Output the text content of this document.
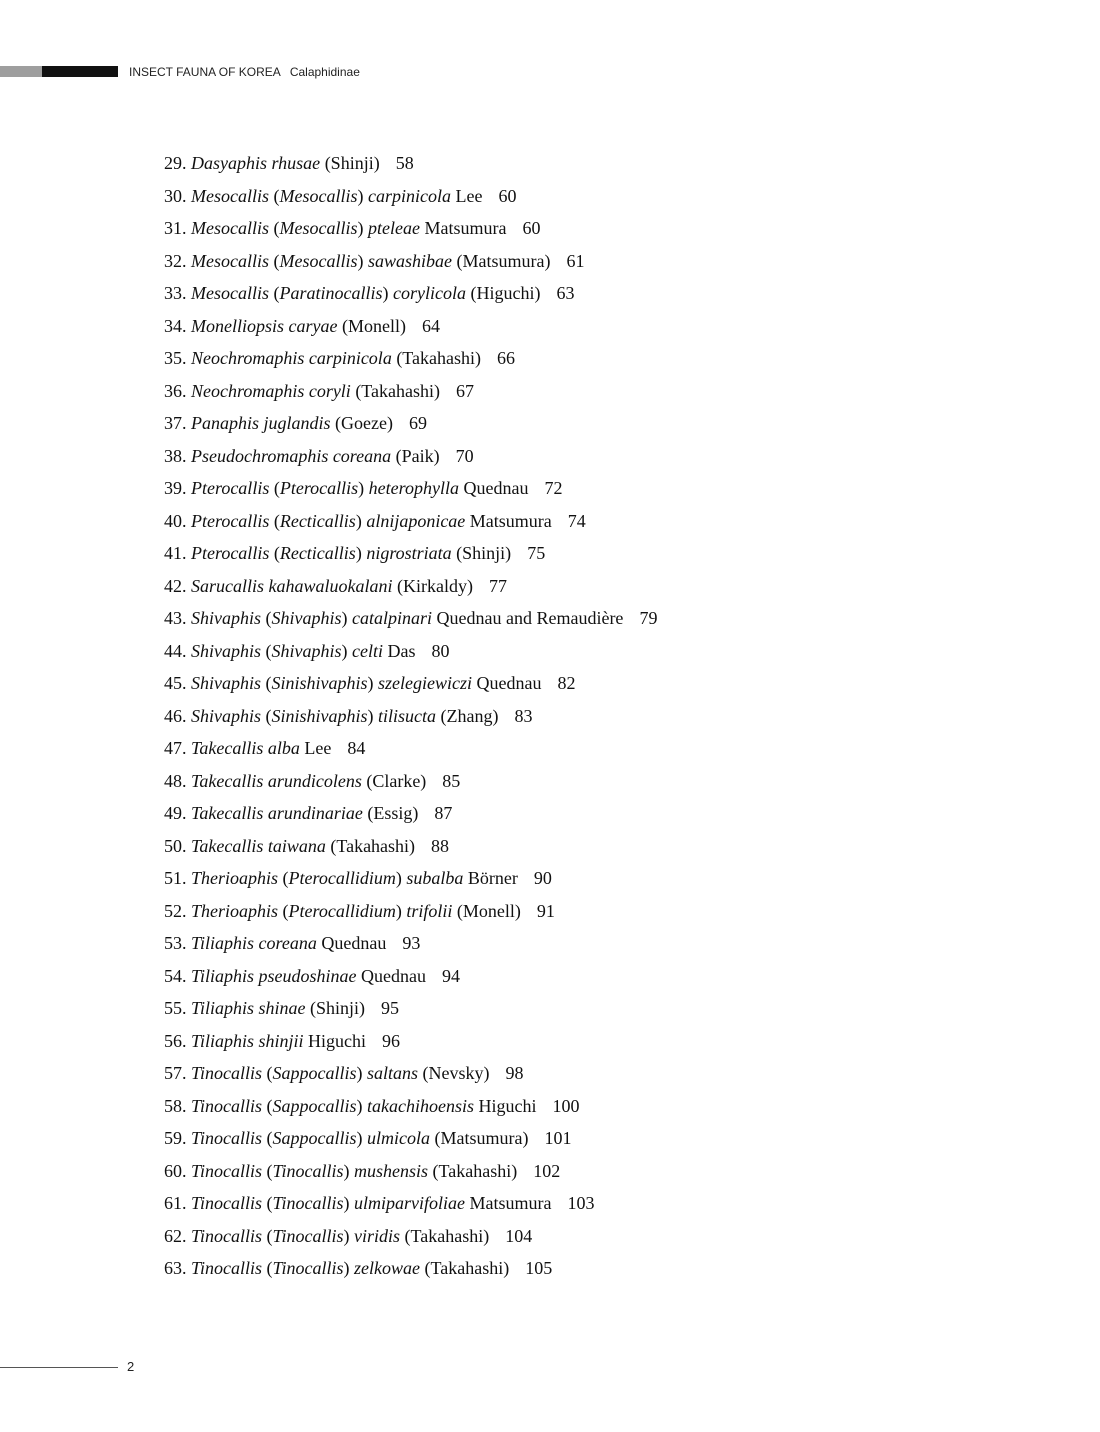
INSECT FAUNA OF KOREA Calaphidinae
29. Dasyaphis rhusae (Shinji) 58
30. Mesocallis (Mesocallis) carpinicola Lee 60
31. Mesocallis (Mesocallis) pteleae Matsumura 60
32. Mesocallis (Mesocallis) sawashibae (Matsumura) 61
33. Mesocallis (Paratinocallis) corylicola (Higuchi) 63
34. Monelliopsis caryae (Monell) 64
35. Neochromaphis carpinicola (Takahashi) 66
36. Neochromaphis coryli (Takahashi) 67
37. Panaphis juglandis (Goeze) 69
38. Pseudochromaphis coreana (Paik) 70
39. Pterocallis (Pterocallis) heterophylla Quednau 72
40. Pterocallis (Recticallis) alnijaponicae Matsumura 74
41. Pterocallis (Recticallis) nigrostriata (Shinji) 75
42. Sarucallis kahawaluokalani (Kirkaldy) 77
43. Shivaphis (Shivaphis) catalpinari Quednau and Remaudière 79
44. Shivaphis (Shivaphis) celti Das 80
45. Shivaphis (Sinishivaphis) szelegiewiczi Quednau 82
46. Shivaphis (Sinishivaphis) tilisucta (Zhang) 83
47. Takecallis alba Lee 84
48. Takecallis arundicolens (Clarke) 85
49. Takecallis arundinariae (Essig) 87
50. Takecallis taiwana (Takahashi) 88
51. Therioaphis (Pterocallidium) subalba Börner 90
52. Therioaphis (Pterocallidium) trifolii (Monell) 91
53. Tiliaphis coreana Quednau 93
54. Tiliaphis pseudoshinae Quednau 94
55. Tiliaphis shinae (Shinji) 95
56. Tiliaphis shinjii Higuchi 96
57. Tinocallis (Sappocallis) saltans (Nevsky) 98
58. Tinocallis (Sappocallis) takachihoensis Higuchi 100
59. Tinocallis (Sappocallis) ulmicola (Matsumura) 101
60. Tinocallis (Tinocallis) mushensis (Takahashi) 102
61. Tinocallis (Tinocallis) ulmiparvifoliae Matsumura 103
62. Tinocallis (Tinocallis) viridis (Takahashi) 104
63. Tinocallis (Tinocallis) zelkowae (Takahashi) 105
2
